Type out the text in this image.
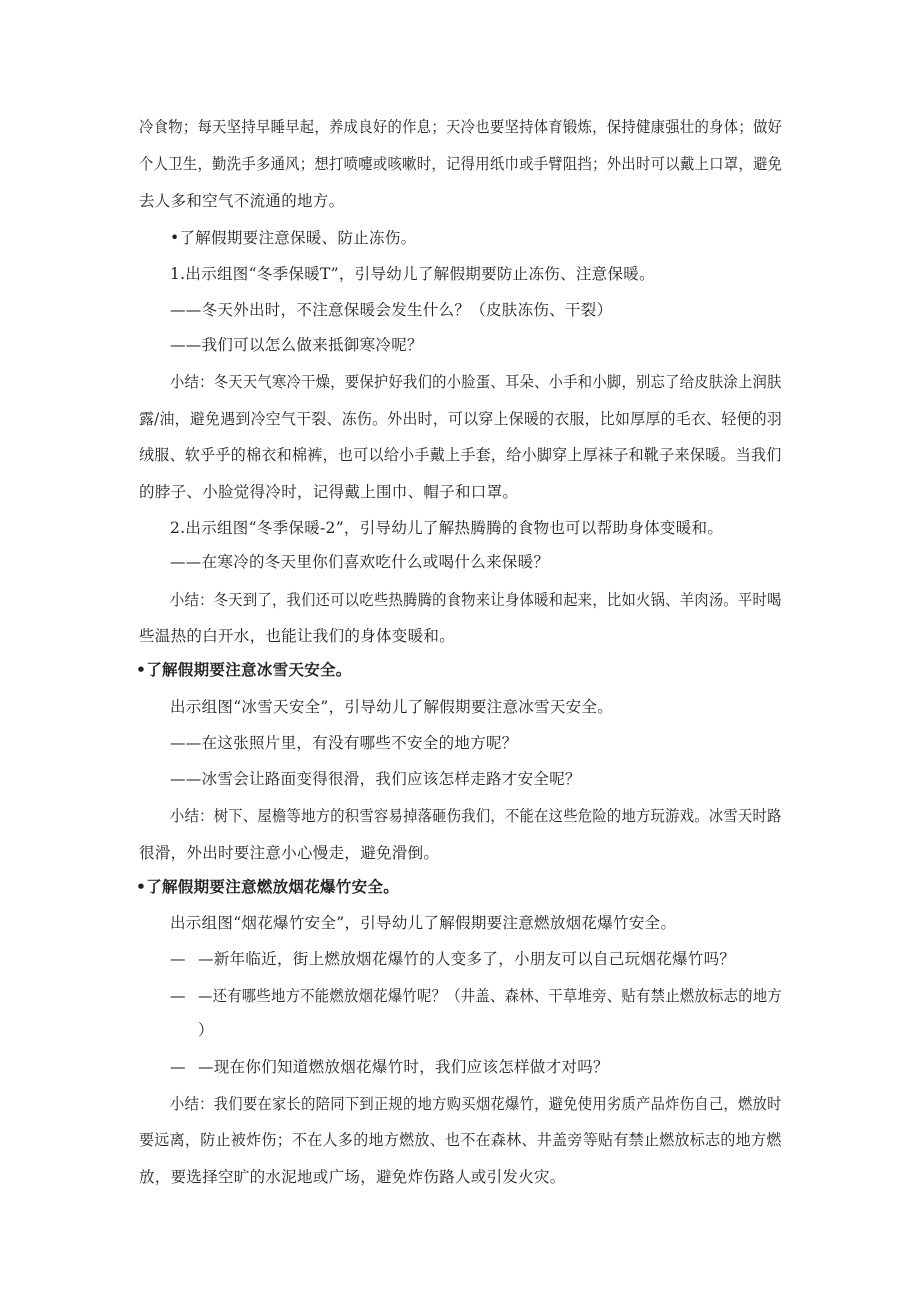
冷食物；每天坚持早睡早起，养成良好的作息；天冷也要坚持体育锻炼，保持健康强壮的身体；做好
个人卫生，勤洗手多通风；想打喷嚏或咳嗽时，记得用纸巾或手臂阻挡；外出时可以戴上口罩，避免
去人多和空气不流通的地方。
•了解假期要注意保暖、防止冻伤。
1.出示组图“冬季保暖T”，引导幼儿了解假期要防止冻伤、注意保暖。
——冬天外出时，不注意保暖会发生什么？（皮肤冻伤、干裂）
——我们可以怎么做来抵御寒冷呢？
小结：冬天天气寒冷干燥，要保护好我们的小脸蛋、耳朵、小手和小脚，别忘了给皮肤涂上润肤
露/油，避免遇到冷空气干裂、冻伤。外出时，可以穿上保暖的衣服，比如厚厚的毛衣、轻便的羽
绒服、软乎乎的棉衣和棉裤，也可以给小手戴上手套，给小脚穿上厚袜子和靴子来保暖。当我们
的脖子、小脸觉得冷时，记得戴上围巾、帽子和口罩。
2.出示组图“冬季保暖-2”，引导幼儿了解热腾腾的食物也可以帮助身体变暖和。
——在寒冷的冬天里你们喜欢吃什么或喝什么来保暖？
小结：冬天到了，我们还可以吃些热腾腾的食物来让身体暖和起来，比如火锅、羊肉汤。平时喝
些温热的白开水，也能让我们的身体变暖和。
•了解假期要注意冰雪天安全。
出示组图“冰雪天安全”，引导幼儿了解假期要注意冰雪天安全。
——在这张照片里，有没有哪些不安全的地方呢？
——冰雪会让路面变得很滑，我们应该怎样走路才安全呢？
小结：树下、屋檐等地方的积雪容易掉落砸伤我们，不能在这些危险的地方玩游戏。冰雪天时路
很滑，外出时要注意小心慢走，避免滑倒。
•了解假期要注意燃放烟花爆竹安全。
出示组图“烟花爆竹安全”，引导幼儿了解假期要注意燃放烟花爆竹安全。
— —新年临近，街上燃放烟花爆竹的人变多了，小朋友可以自己玩烟花爆竹吗？
— —还有哪些地方不能燃放烟花爆竹呢？（井盖、森林、干草堆旁、贴有禁止燃放标志的地方
）
— —现在你们知道燃放烟花爆竹时，我们应该怎样做才对吗？
小结：我们要在家长的陪同下到正规的地方购买烟花爆竹，避免使用劣质产品炸伤自己，燃放时
要远离，防止被炸伤；不在人多的地方燃放、也不在森林、井盖旁等贴有禁止燃放标志的地方燃
放，要选择空旷的水泥地或广场，避免炸伤路人或引发火灾。
